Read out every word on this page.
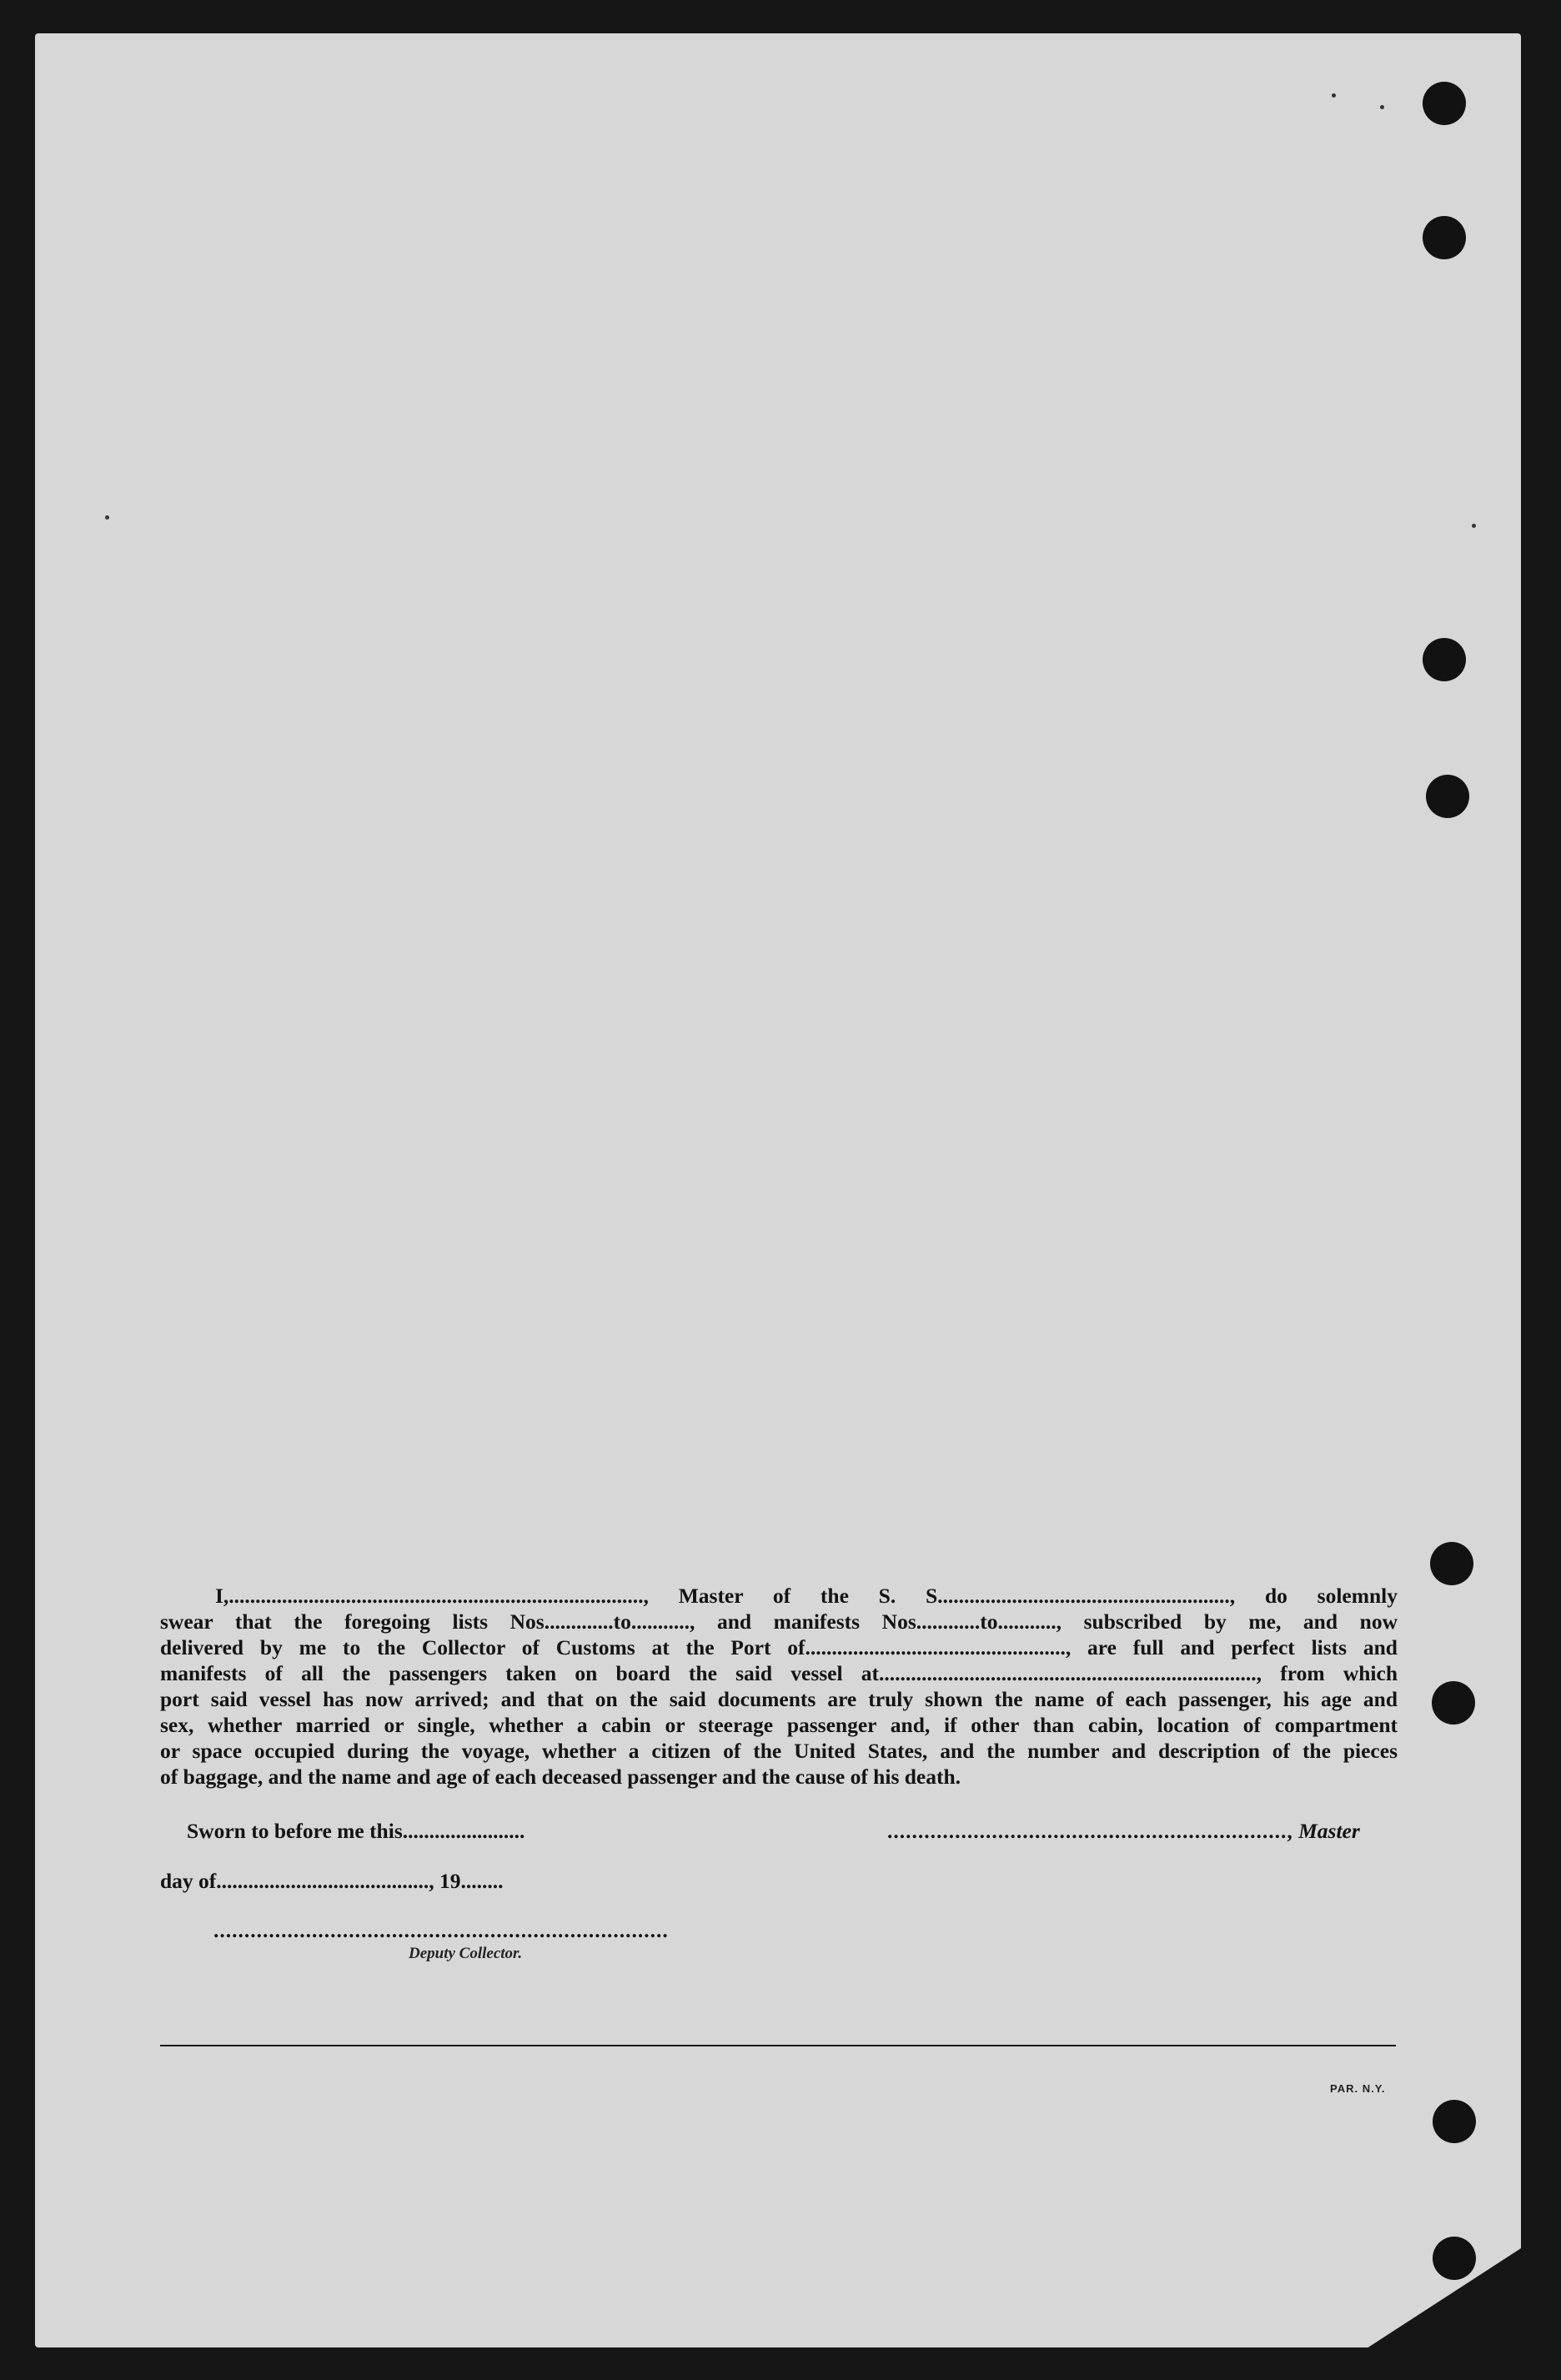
I,.............................................................................., Master of the S. S......................................................., do solemnly

swear that the foregoing lists Nos.............to..........., and manifests Nos............to..........., subscribed by me, and now

delivered by me to the Collector of Customs at the Port of................................................., are full and perfect lists and

manifests of all the passengers taken on board the said vessel at......................................................................., from which

port said vessel has now arrived; and that on the said documents are truly shown the name of each passenger, his age and

sex, whether married or single, whether a cabin or steerage passenger and, if other than cabin, location of compartment

or space occupied during the voyage, whether a citizen of the United States, and the number and description of the pieces

of baggage, and the name and age of each deceased passenger and the cause of his death.

Sworn to before me this.......................	................................................................., Master
day of........................................, 19........
..........................................................................
Deputy Collector.
PAR. N.Y.
